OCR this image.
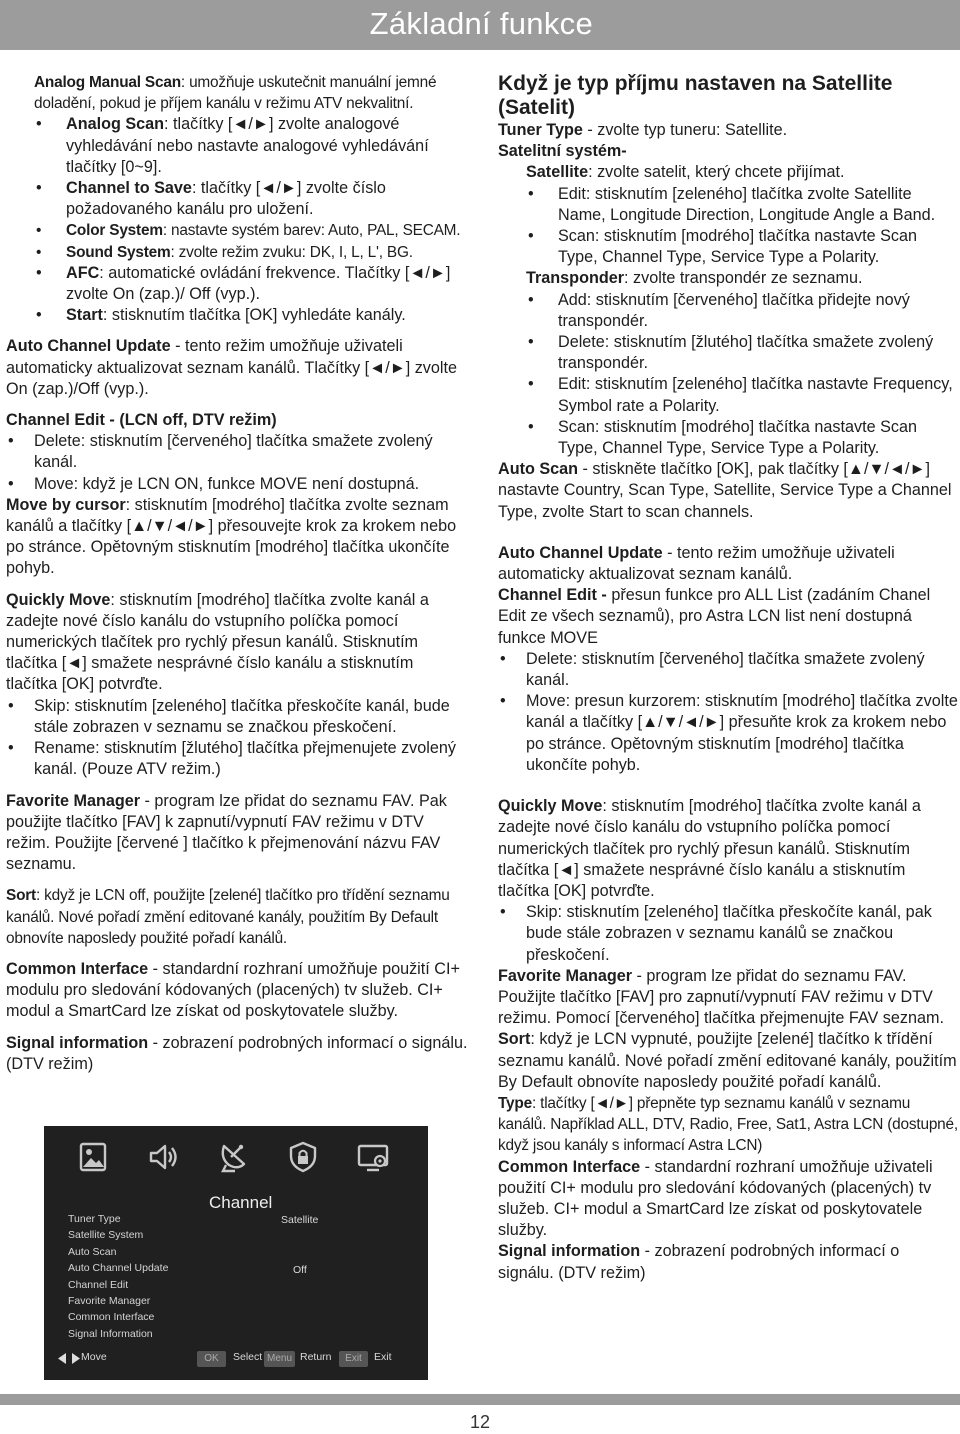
Základní funkce

Analog Manual Scan: umožňuje uskutečnit manuální jemné doladění, pokud je příjem kanálu v režimu ATV nekvalitní.

• Analog Scan: tlačítky [◄/►] zvolte analogové vyhledávání nebo nastavte analogové vyhledávání tlačítky [0~9].

• Channel to Save: tlačítky [◄/►] zvolte číslo požadovaného kanálu pro uložení.

• Color System: nastavte systém barev: Auto, PAL, SECAM.

• Sound System: zvolte režim zvuku: DK, I, L, L', BG.

• AFC: automatické ovládání frekvence. Tlačítky [◄/►] zvolte On (zap.)/ Off (vyp.).

• Start: stisknutím tlačítka [OK] vyhledáte kanály.

Auto Channel Update - tento režim umožňuje uživateli automaticky aktualizovat seznam kanálů. Tlačítky [◄/►] zvolte On (zap.)/Off (vyp.).

Channel Edit - (LCN off, DTV režim)

• Delete: stisknutím [červeného] tlačítka smažete zvolený kanál.

• Move: když je LCN ON, funkce MOVE není dostupná.

Move by cursor: stisknutím [modrého] tlačítka zvolte seznam kanálů a tlačítky [▲/▼/◄/►] přesouvejte krok za krokem nebo po stránce. Opětovným stisknutím [modrého] tlačítka ukončíte pohyb.

Quickly Move: stisknutím [modrého] tlačítka zvolte kanál a zadejte nové číslo kanálu do vstupního políčka pomocí numerických tlačítek pro rychlý přesun kanálů. Stisknutím tlačítka [◄] smažete nesprávné číslo kanálu a stisknutím tlačítka [OK] potvrďte.

• Skip: stisknutím [zeleného] tlačítka přeskočíte kanál, bude stále zobrazen v seznamu se značkou přeskočení.

• Rename: stisknutím [žlutého] tlačítka přejmenujete zvolený kanál. (Pouze ATV režim.)

Favorite Manager - program lze přidat do seznamu FAV. Pak použijte tlačítko [FAV] k zapnutí/vypnutí FAV režimu v DTV režim. Použijte [červené ] tlačítko k přejmenování názvu FAV seznamu.

Sort: když je LCN off, použijte [zelené] tlačítko pro třídění seznamu kanálů. Nové pořadí změní editované kanály, použitím By Default obnovíte naposledy použité pořadí kanálů.

Common Interface - standardní rozhraní umožňuje použití CI+ modulu pro sledování kódovaných (placených) tv služeb. CI+ modul a SmartCard lze získat od poskytovatele služby.

Signal information - zobrazení podrobných informací o signálu. (DTV režim)

Channel
Tuner Type
Satellite System
Auto Scan
Auto Channel Update
Channel Edit
Favorite Manager
Common Interface
Signal Information
Satellite
Off
Move	OK	Select Menu Return	Exit	Exit

Když je typ příjmu nastaven na Satellite (Satelit)

Tuner Type - zvolte typ tuneru: Satellite.

Satelitní systém-

Satellite: zvolte satelit, který chcete přijímat.

• Edit: stisknutím [zeleného] tlačítka zvolte Satellite Name, Longitude Direction, Longitude Angle a Band.

• Scan: stisknutím [modrého] tlačítka nastavte Scan Type, Channel Type, Service Type a Polarity.

Transponder: zvolte transpondér ze seznamu.

• Add: stisknutím [červeného] tlačítka přidejte nový transpondér.

• Delete: stisknutím [žlutého] tlačítka smažete zvolený transpondér.

• Edit: stisknutím [zeleného] tlačítka nastavte Frequency, Symbol rate a Polarity.

• Scan: stisknutím [modrého] tlačítka nastavte Scan Type, Channel Type, Service Type a Polarity.

Auto Scan - stiskněte tlačítko [OK], pak tlačítky [▲/▼/◄/►] nastavte Country, Scan Type, Satellite, Service Type a Channel Type, zvolte Start to scan channels.

Auto Channel Update - tento režim umožňuje uživateli automaticky aktualizovat seznam kanálů.

Channel Edit - přesun funkce pro ALL List (zadáním Chanel Edit ze všech seznamů), pro Astra LCN list není dostupná funkce MOVE

• Delete: stisknutím [červeného] tlačítka smažete zvolený kanál.

• Move: presun kurzorem: stisknutím [modrého] tlačítka zvolte kanál a tlačítky [▲/▼/◄/►] přesuňte krok za krokem nebo po stránce. Opětovným stisknutím [modrého] tlačítka ukončíte pohyb.

Quickly Move: stisknutím [modrého] tlačítka zvolte kanál a zadejte nové číslo kanálu do vstupního políčka pomocí numerických tlačítek pro rychlý přesun kanálů. Stisknutím tlačítka [◄] smažete nesprávné číslo kanálu a stisknutím tlačítka [OK] potvrďte.

• Skip: stisknutím [zeleného] tlačítka přeskočíte kanál, pak bude stále zobrazen v seznamu kanálů se značkou přeskočení.

Favorite Manager - program lze přidat do seznamu FAV. Použijte tlačítko [FAV] pro zapnutí/vypnutí FAV režimu v DTV režimu. Pomocí [červeného] tlačítka přejmenujte FAV seznam.

Sort: když je LCN vypnuté, použijte [zelené] tlačítko k třídění seznamu kanálů. Nové pořadí změní editované kanály, použitím By Default obnovíte naposledy použité pořadí kanálů.

Type: tlačítky [◄/►] přepněte typ seznamu kanálů v seznamu kanálů. Například ALL, DTV, Radio, Free, Sat1, Astra LCN (dostupné, když jsou kanály s informací Astra LCN)

Common Interface - standardní rozhraní umožňuje uživateli použití CI+ modulu pro sledování kódovaných (placených) tv služeb. CI+ modul a SmartCard lze získat od poskytovatele služby.

Signal information - zobrazení podrobných informací o signálu. (DTV režim)

12
